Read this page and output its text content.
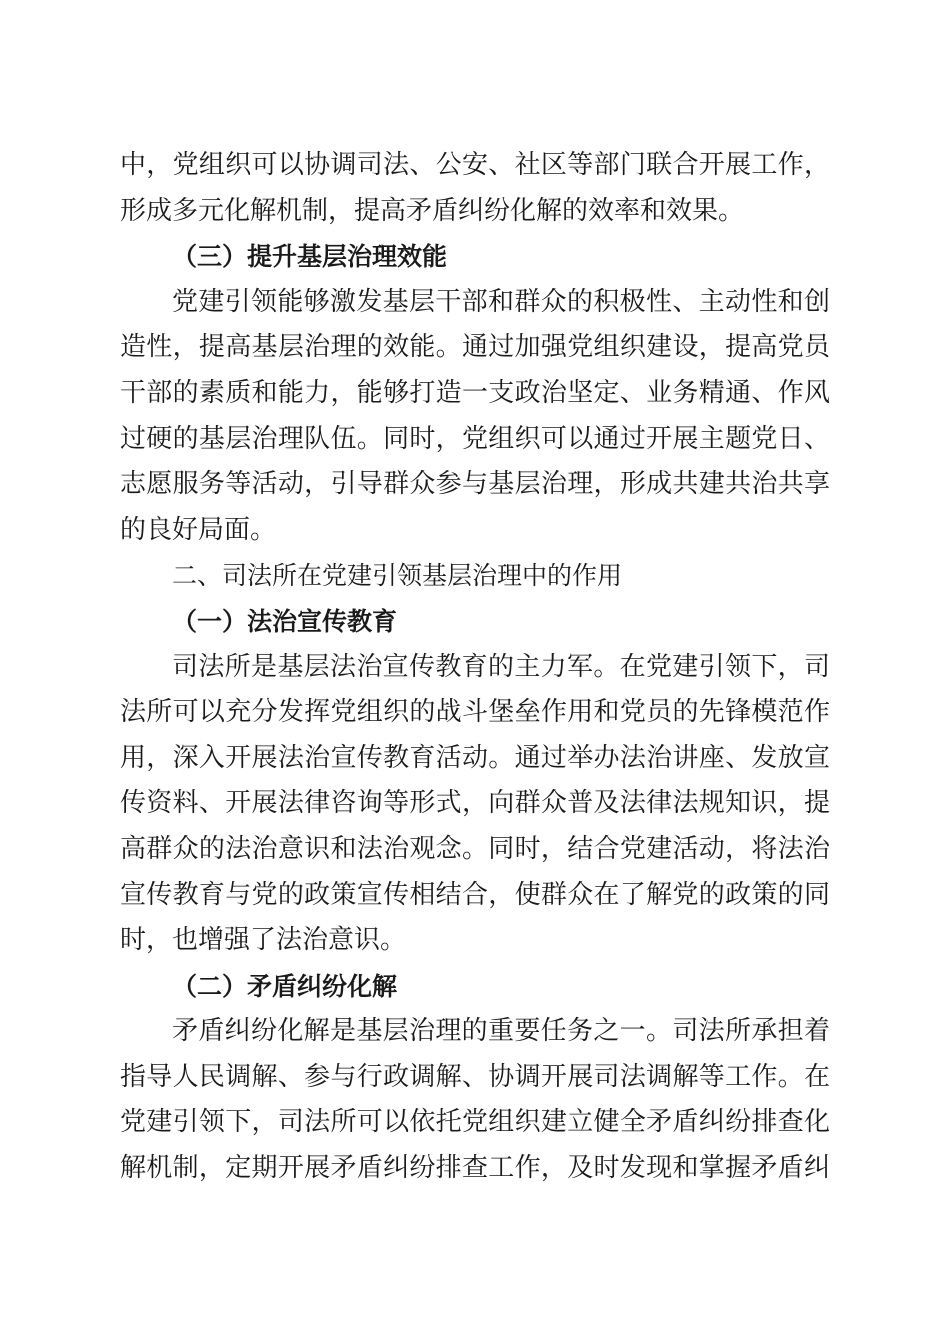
中，党组织可以协调司法、公安、社区等部门联合开展工作，
形成多元化解机制，提高矛盾纠纷化解的效率和效果。
（三）提升基层治理效能
党建引领能够激发基层干部和群众的积极性、主动性和创
造性，提高基层治理的效能。通过加强党组织建设，提高党员
干部的素质和能力，能够打造一支政治坚定、业务精通、作风
过硬的基层治理队伍。同时，党组织可以通过开展主题党日、
志愿服务等活动，引导群众参与基层治理，形成共建共治共享
的良好局面。
二、司法所在党建引领基层治理中的作用
（一）法治宣传教育
司法所是基层法治宣传教育的主力军。在党建引领下，司
法所可以充分发挥党组织的战斗堡垒作用和党员的先锋模范作
用，深入开展法治宣传教育活动。通过举办法治讲座、发放宣
传资料、开展法律咨询等形式，向群众普及法律法规知识，提
高群众的法治意识和法治观念。同时，结合党建活动，将法治
宣传教育与党的政策宣传相结合，使群众在了解党的政策的同
时，也增强了法治意识。
（二）矛盾纠纷化解
矛盾纠纷化解是基层治理的重要任务之一。司法所承担着
指导人民调解、参与行政调解、协调开展司法调解等工作。在
党建引领下，司法所可以依托党组织建立健全矛盾纠纷排查化
解机制，定期开展矛盾纠纷排查工作，及时发现和掌握矛盾纠
